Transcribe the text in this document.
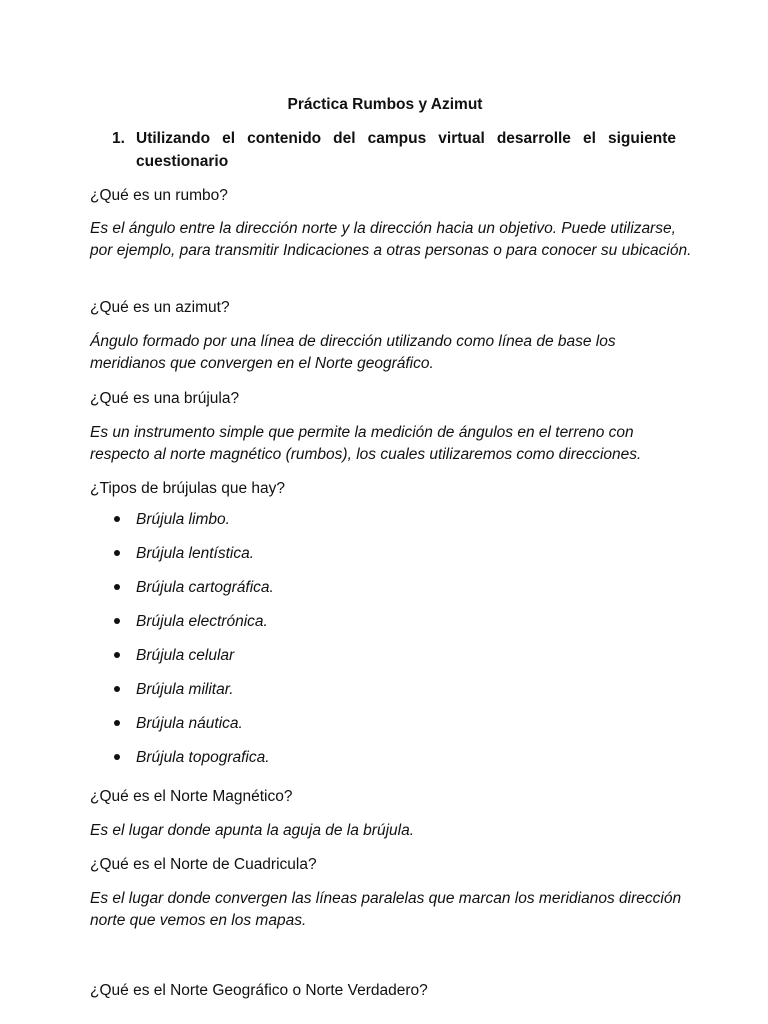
Práctica Rumbos y Azimut
1. Utilizando el contenido del campus virtual desarrolle el siguiente cuestionario
¿Qué es un rumbo?
Es el ángulo entre la dirección norte y la dirección hacia un objetivo. Puede utilizarse, por ejemplo, para transmitir Indicaciones a otras personas o para conocer su ubicación.
¿Qué es un azimut?
Ángulo formado por una línea de dirección utilizando como línea de base los meridianos que convergen en el Norte geográfico.
¿Qué es una brújula?
Es un instrumento simple que permite la medición de ángulos en el terreno con respecto al norte magnético (rumbos), los cuales utilizaremos como direcciones.
¿Tipos de brújulas que hay?
Brújula limbo.
Brújula lentística.
Brújula cartográfica.
Brújula electrónica.
Brújula celular
Brújula militar.
Brújula náutica.
Brújula topografica.
¿Qué es el Norte Magnético?
Es el lugar donde apunta la aguja de la brújula.
¿Qué es el Norte de Cuadricula?
Es el lugar donde convergen las líneas paralelas que marcan los meridianos dirección norte que vemos en los mapas.
¿Qué es el Norte Geográfico o Norte Verdadero?
